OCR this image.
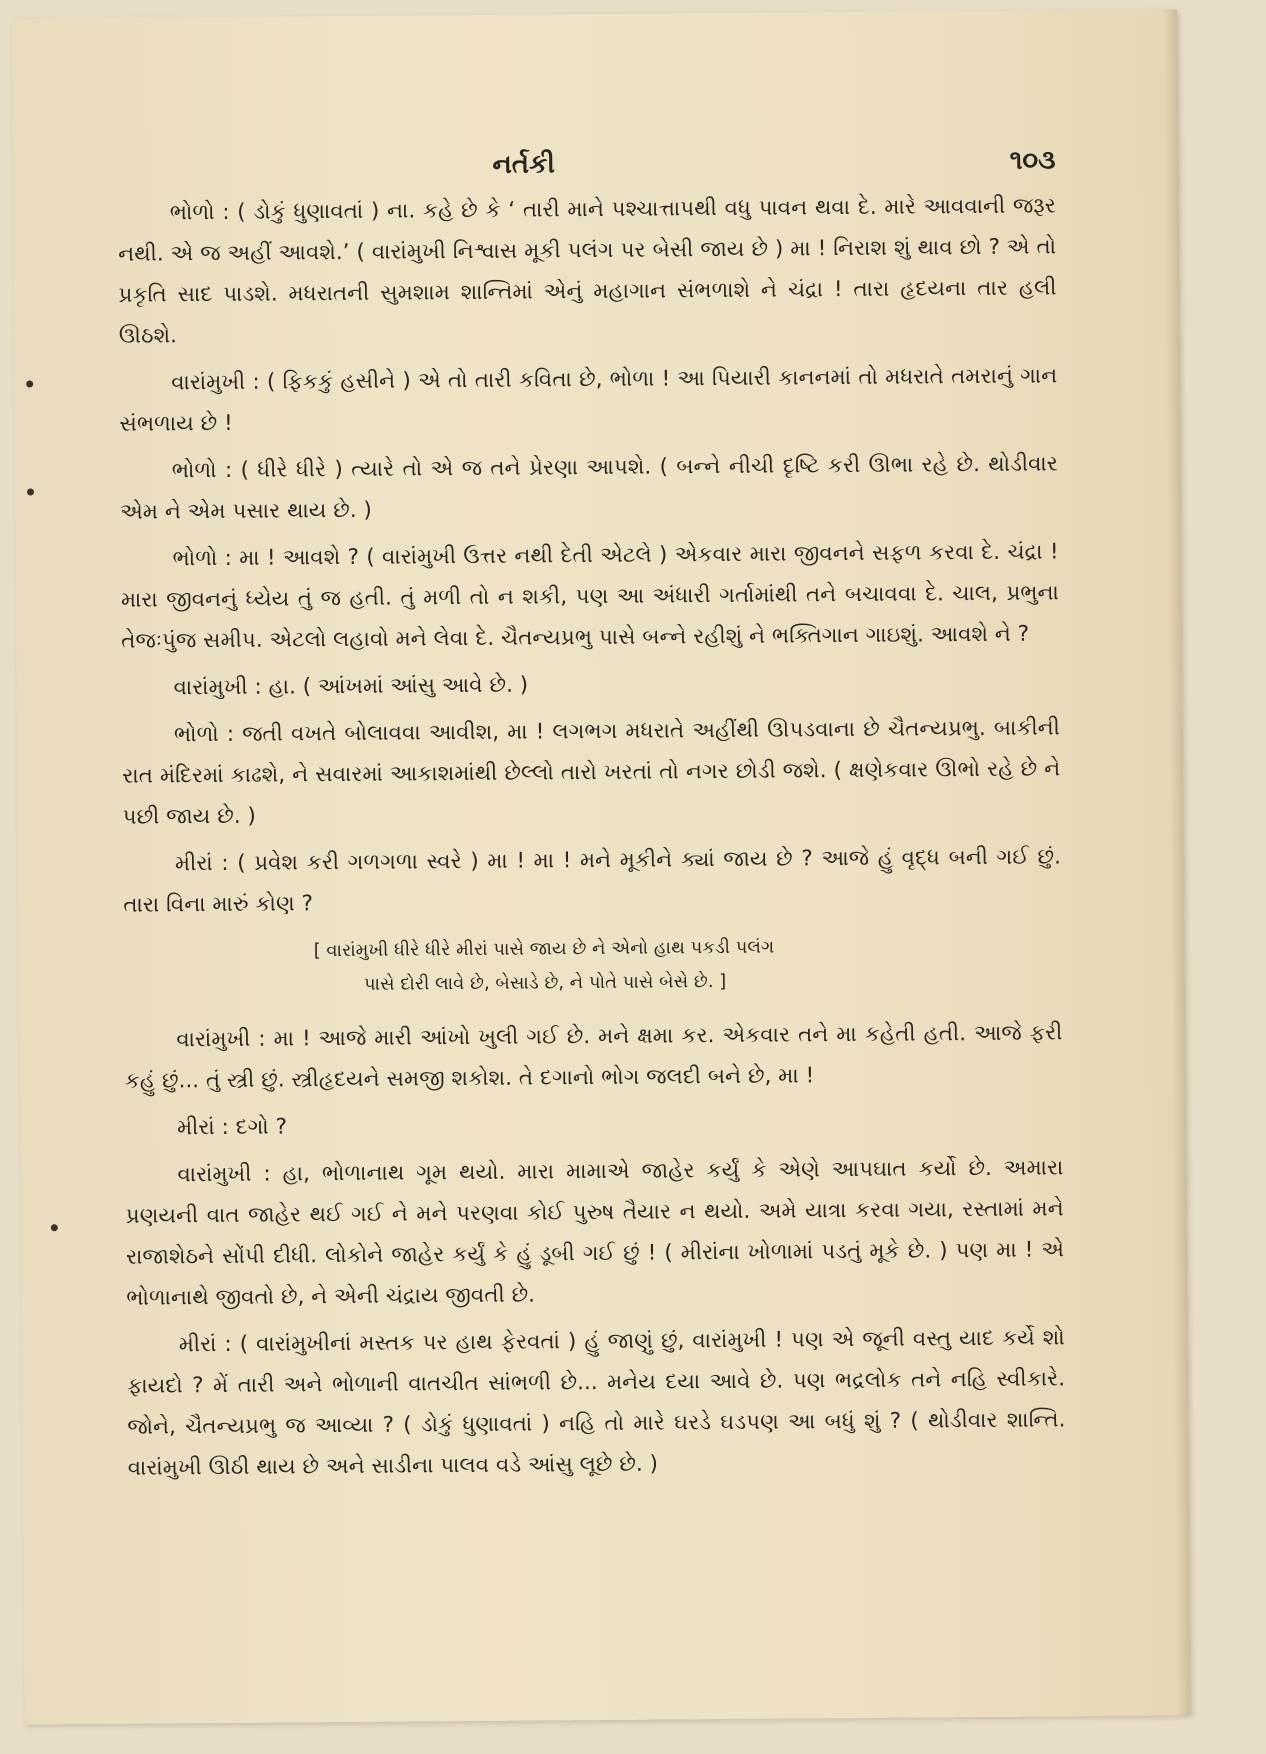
નર્તકી	૧૦૩

ભોળો : ( ડોકું ધુણાવતાં ) ના. કહે છે કે ‘ તારી માને પશ્ચાત્તાપથી વધુ પાવન થવા દે. મારે આવવાની જરૂર નથી. એ જ અહીં આવશે.’ ( વારાંમુખી નિશ્વાસ મૂકી પલંગ પર બેસી જાય છે ) મા ! નિરાશ શું થાવ છો ? એ તો પ્રકૃતિ સાદ પાડશે. મધરાતની સુમશામ શાન્તિમાં એનું મહાગાન સંભળાશે ને ચંદ્રા ! તારા હૃદયના તાર હલી ઊઠશે.

વારાંમુખી : ( ફિકકું હસીને ) એ તો તારી કવિતા છે, ભોળા ! આ પિયારી કાનનમાં તો મધરાતે તમરાનું ગાન સંભળાય છે !

ભોળો : ( ધીરે ધીરે ) ત્યારે તો એ જ તને પ્રેરણા આપશે. ( બન્ને નીચી દૃષ્ટિ કરી ઊભા રહે છે. થોડીવાર એમ ને એમ પસાર થાય છે. )

ભોળો : મા ! આવશે ? ( વારાંમુખી ઉત્તર નથી દેતી એટલે ) એકવાર મારા જીવનને સફળ કરવા દે. ચંદ્રા ! મારા જીવનનું ધ્યેય તું જ હતી. તું મળી તો ન શકી, પણ આ અંધારી ગર્તામાંથી તને બચાવવા દે. ચાલ, પ્રભુના તેજઃપુંજ સમીપ. એટલો લહાવો મને લેવા દે. ચૈતન્યપ્રભુ પાસે બન્ને રહીશું ને ભક્તિગાન ગાઇશું. આવશે ને ?

વારાંમુખી : હા. ( આંખમાં આંસુ આવે છે. )

ભોળો : જતી વખતે બોલાવવા આવીશ, મા ! લગભગ મધરાતે અહીંથી ઊપડવાના છે ચૈતન્યપ્રભુ. બાકીની રાત મંદિરમાં કાઢશે, ને સવારમાં આકાશમાંથી છેલ્લો તારો ખરતાં તો નગર છોડી જશે. ( ક્ષણેકવાર ઊભો રહે છે ને પછી જાય છે. )

મીરાં : ( પ્રવેશ કરી ગળગળા સ્વરે ) મા ! મા ! મને મૂકીને ક્યાં જાય છે ? આજે હું વૃદ્ધ બની ગઈ છું. તારા વિના મારું કોણ ?

[ વારાંમુખી ધીરે ધીરે મીરાં પાસે જાય છે ને એનો હાથ પકડી પલંગ
પાસે દોરી લાવે છે, બેસાડે છે, ને પોતે પાસે બેસે છે. ]

વારાંમુખી : મા ! આજે મારી આંખો ખુલી ગઈ છે. મને ક્ષમા કર. એકવાર તને મા કહેતી હતી. આજે ફરી કહું છું... તું સ્ત્રી છું. સ્ત્રીહૃદયને સમજી શકોશ. તે દગાનો ભોગ જલદી બને છે, મા !

મીરાં : દગો ?

વારાંમુખી : હા, ભોળાનાથ ગૂમ થયો. મારા મામાએ જાહેર કર્યું કે એણે આપઘાત કર્યો છે. અમારા પ્રણયની વાત જાહેર થઈ ગઈ ને મને પરણવા કોઈ પુરુષ તૈયાર ન થયો. અમે યાત્રા કરવા ગયા, રસ્તામાં મને રાજાશેઠને સોંપી દીધી. લોકોને જાહેર કર્યું કે હું ડૂબી ગઈ છું ! ( મીરાંના ખોળામાં પડતું મૂકે છે. ) પણ મા ! એ ભોળાનાથે જીવતો છે, ને એની ચંદ્રાય જીવતી છે.

મીરાં : ( વારાંમુખીનાં મસ્તક પર હાથ ફેરવતાં ) હું જાણું છું, વારાંમુખી ! પણ એ જૂની વસ્તુ યાદ કર્યે શો ફાયદો ? મેં તારી અને ભોળાની વાતચીત સાંભળી છે... મનેય દયા આવે છે. પણ ભદ્રલોક તને નહિ સ્વીકારે. જોને, ચૈતન્યપ્રભુ જ આવ્યા ? ( ડોકું ધુણાવતાં ) નહિ તો મારે ઘરડે ઘડપણ આ બધું શું ? ( થોડીવાર શાન્તિ. વારાંમુખી ઊઠી થાય છે અને સાડીના પાલવ વડે આંસુ લૂછે છે. )
